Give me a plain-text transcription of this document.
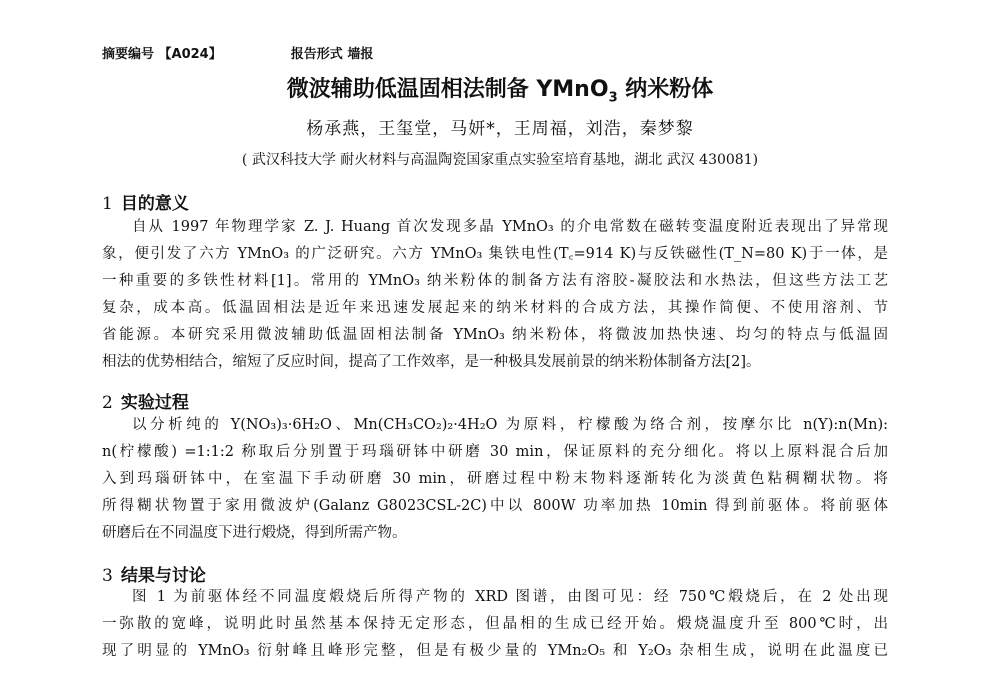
摘要编号 【A024】	报告形式 墙报
微波辅助低温固相法制备 YMnO$_3$ 纳米粉体
杨承燕，王玺堂，马妍*，王周福，刘浩，秦梦黎
( 武汉科技大学 耐火材料与高温陶瓷国家重点实验室培育基地，湖北 武汉 430081)
1 目的意义
自从 1997 年物理学家 Z. J. Huang 首次发现多晶 YMnO₃ 的介电常数在磁转变温度附近表现出了异常现
象，便引发了六方 YMnO₃ 的广泛研究。六方 YMnO₃ 集铁电性(T꜀=914 K)与反铁磁性(T_N=80 K)于一体，是
一种重要的多铁性材料[1]。常用的 YMnO₃ 纳米粉体的制备方法有溶胶-凝胶法和水热法，但这些方法工艺
复杂，成本高。低温固相法是近年来迅速发展起来的纳米材料的合成方法，其操作简便、不使用溶剂、节
省能源。本研究采用微波辅助低温固相法制备 YMnO₃ 纳米粉体，将微波加热快速、均匀的特点与低温固
相法的优势相结合，缩短了反应时间，提高了工作效率，是一种极具发展前景的纳米粉体制备方法[2]。
2 实验过程
以分析纯的 Y(NO₃)₃·6H₂O、Mn(CH₃CO₂)₂·4H₂O 为原料，柠檬酸为络合剂，按摩尔比 n(Y):n(Mn):
n(柠檬酸) =1:1:2 称取后分别置于玛瑙研钵中研磨 30 min，保证原料的充分细化。将以上原料混合后加
入到玛瑙研钵中，在室温下手动研磨 30 min，研磨过程中粉末物料逐渐转化为淡黄色粘稠糊状物。将
所得糊状物置于家用微波炉(Galanz G8023CSL-2C)中以 800W 功率加热 10min 得到前驱体。将前驱体
研磨后在不同温度下进行煅烧，得到所需产物。
3 结果与讨论
图 1 为前驱体经不同温度煅烧后所得产物的 XRD 图谱，由图可见：经 750℃煅烧后，在 2 处出现
一弥散的宽峰，说明此时虽然基本保持无定形态，但晶相的生成已经开始。煅烧温度升至 800℃时，出
现了明显的 YMnO₃ 衍射峰且峰形完整，但是有极少量的 YMn₂O₅ 和 Y₂O₃ 杂相生成，说明在此温度已
